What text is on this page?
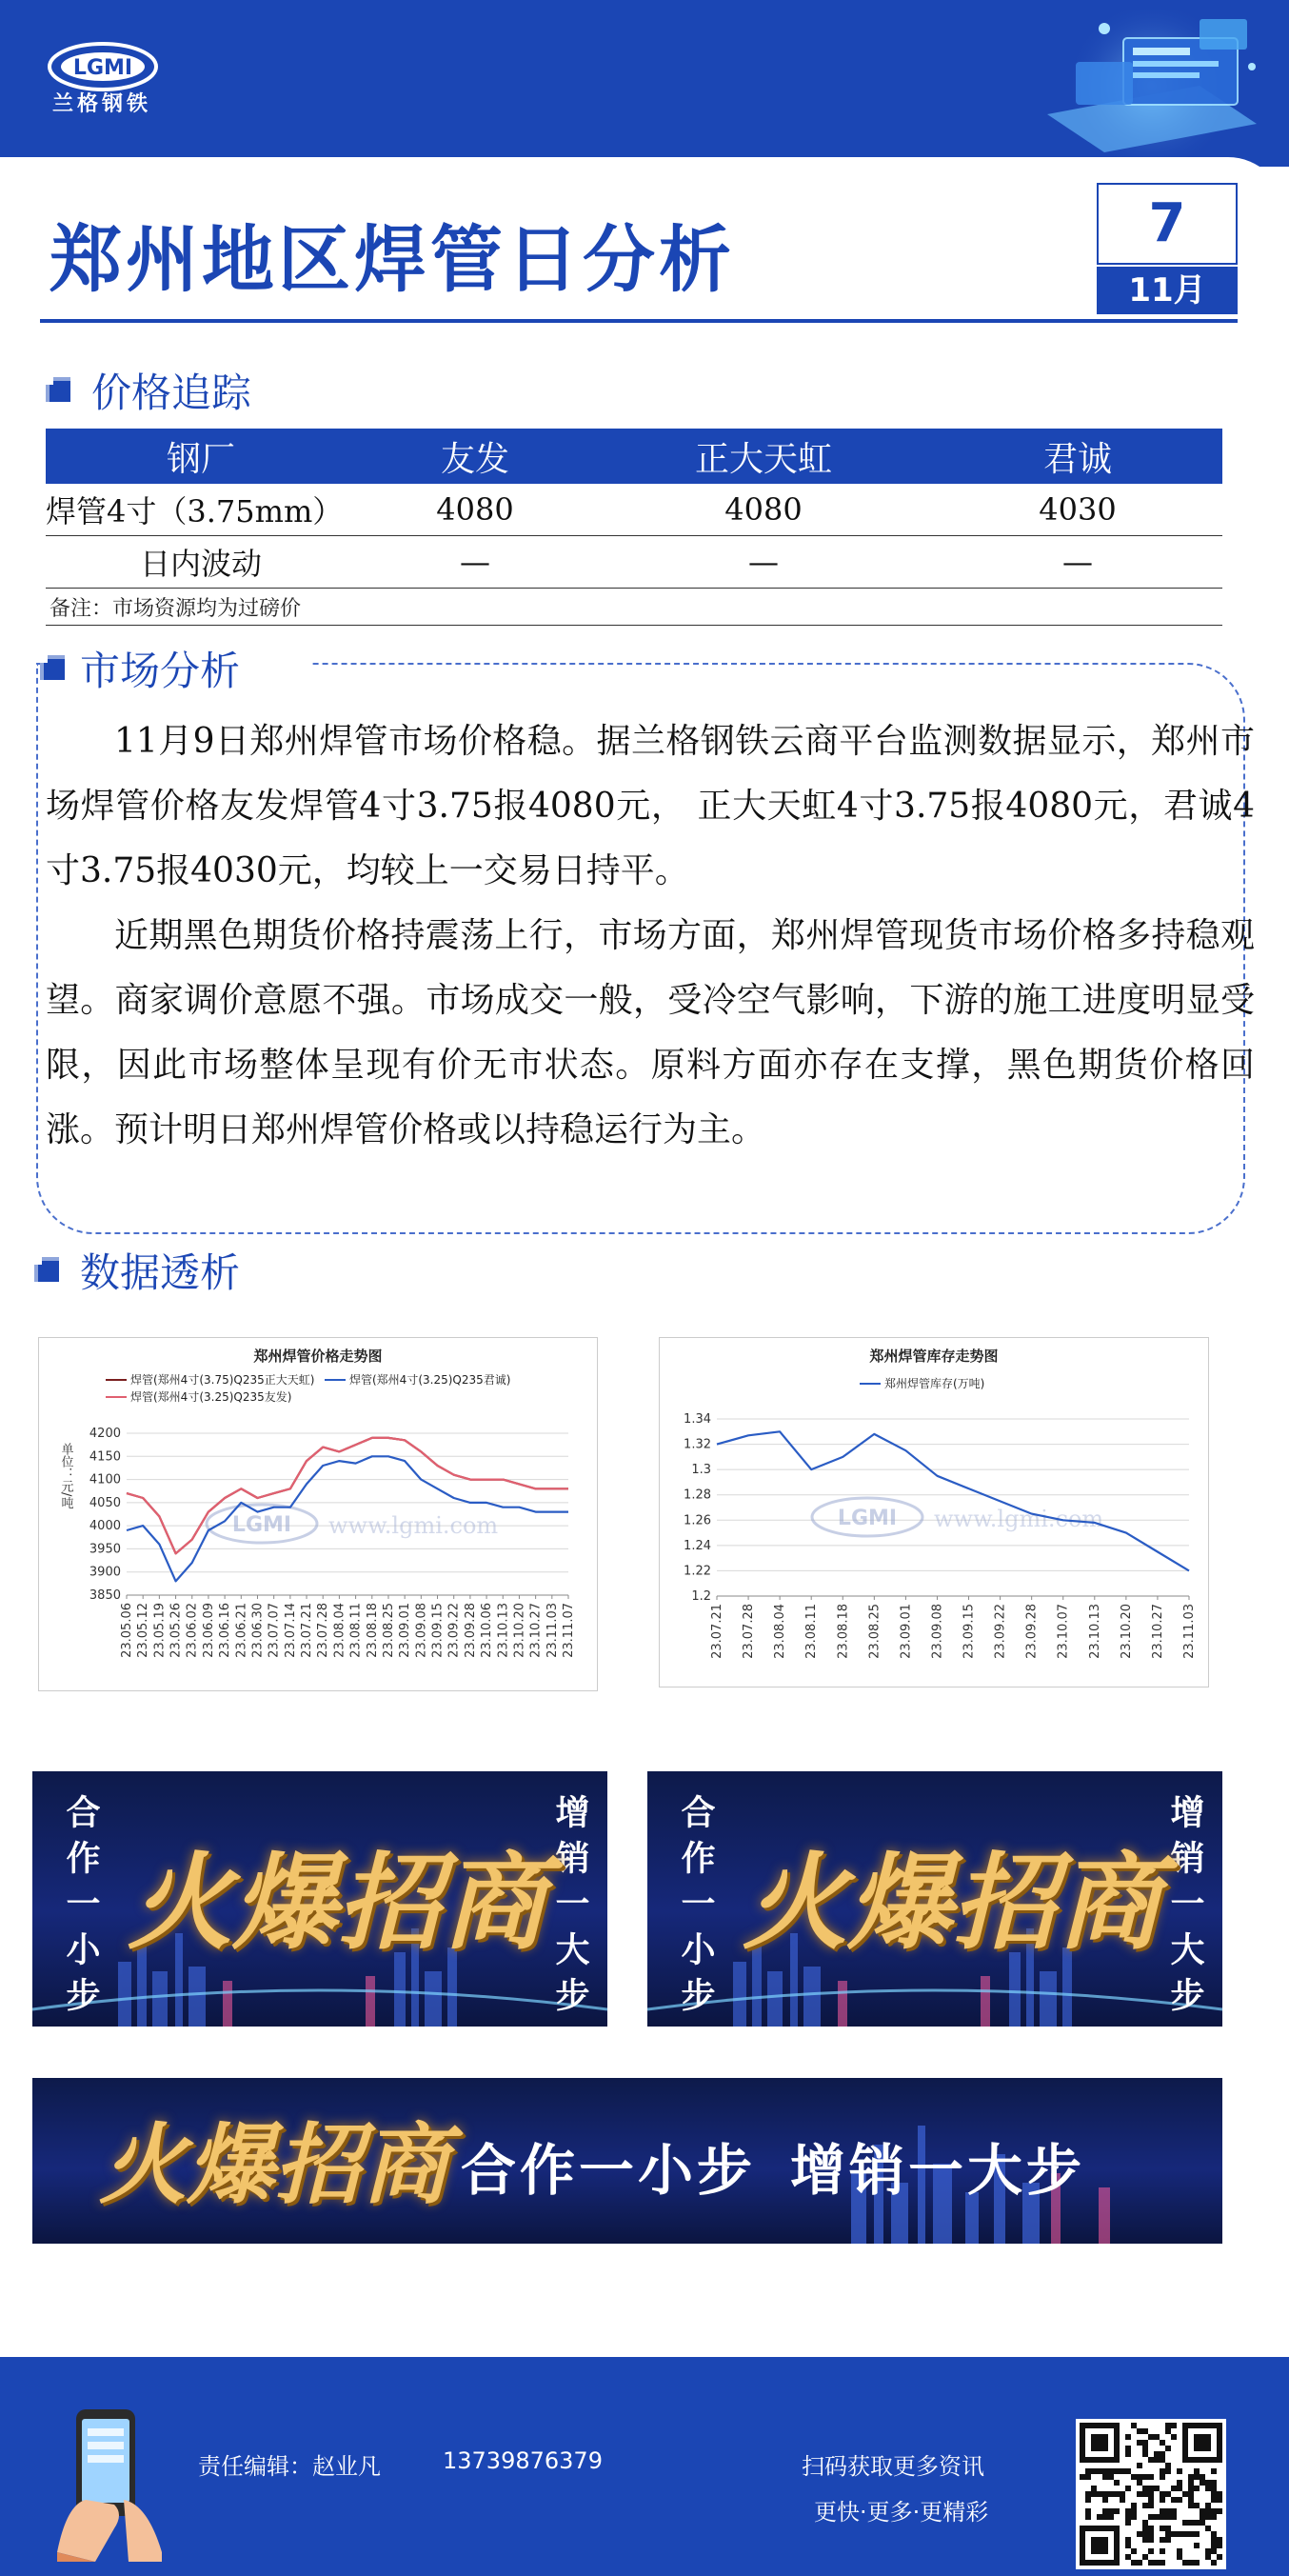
LGMI
兰格钢铁
郑州地区焊管日分析	7
11月
价格追踪
钢厂	友发	正大天虹	君诚
焊管4寸（3.75mm）	4080	4080	4030
日内波动	—	—	—
备注：市场资源均为过磅价
市场分析
11月9日郑州焊管市场价格稳。据兰格钢铁云商平台监测数据显示，郑州市场焊管价格友发焊管4寸3.75报4080元， 正大天虹4寸3.75报4080元，君诚4寸3.75报4030元，均较上一交易日持平。
近期黑色期货价格持震荡上行，市场方面，郑州焊管现货市场价格多持稳观望。商家调价意愿不强。市场成交一般，受冷空气影响，下游的施工进度明显受限，因此市场整体呈现有价无市状态。原料方面亦存在支撑，黑色期货价格回涨。预计明日郑州焊管价格或以持稳运行为主。
数据透析
郑州焊管价格走势图
焊管(郑州4寸(3.75)Q235正大天虹)	焊管(郑州4寸(3.25)Q235君诚)
焊管(郑州4寸(3.25)Q235友发)
3850
3900
3950
4000
4050
4100
4150
4200
23.05.06 23.05.12 23.05.19 23.05.26 23.06.02 23.06.09 23.06.16 23.06.21 23.06.30 23.07.07 23.07.14 23.07.21 23.07.28 23.08.04 23.08.11 23.08.18 23.08.25 23.09.01 23.09.08 23.09.15 23.09.22 23.09.28 23.10.06 23.10.13 23.10.20 23.10.27 23.11.03 23.11.07
单位：元/吨
LGMI www.lgmi.com
郑州焊管库存走势图
郑州焊管库存(万吨)
1.2
1.22
1.24
1.26
1.28
1.3
1.32
1.34
23.07.21 23.07.28 23.08.04 23.08.11 23.08.18 23.08.25 23.09.01 23.09.08 23.09.15 23.09.22 23.09.28 23.10.07 23.10.13 23.10.20 23.10.27 23.11.03
LGMI www.lgmi.com
合作一小步	增销一大步
火爆招商	合作一小步	增销一大步
火爆招商
火爆招商 合作一小步 增销一大步
责任编辑：赵业凡	13739876379	扫码获取更多资讯
更快·更多·更精彩
